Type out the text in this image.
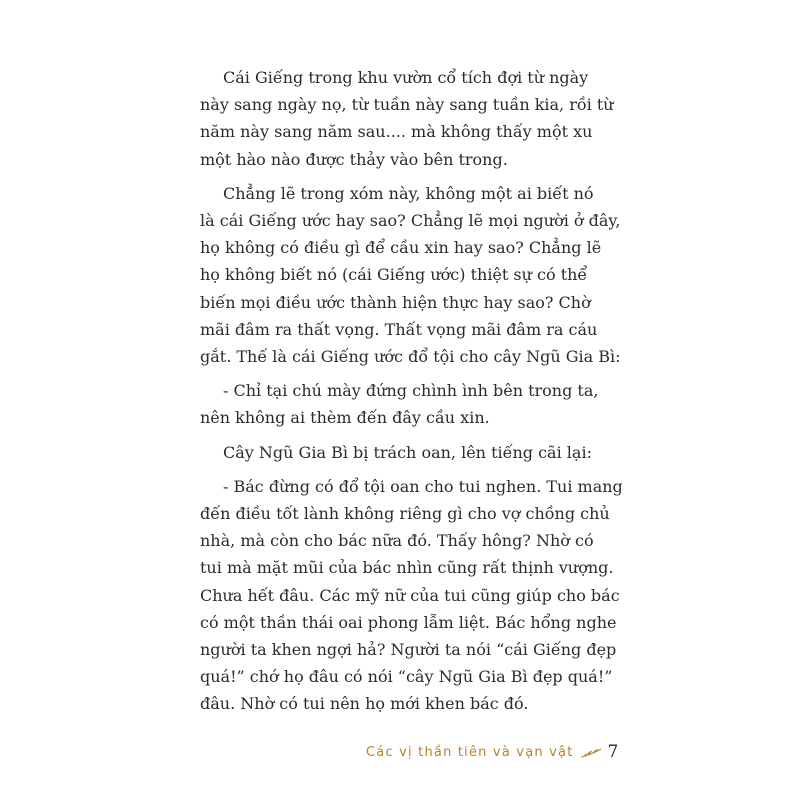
Cái Giếng trong khu vườn cổ tích đợi từ ngày
này sang ngày nọ, từ tuần này sang tuần kia, rồi từ
năm này sang năm sau.... mà không thấy một xu
một hào nào được thảy vào bên trong.
Chẳng lẽ trong xóm này, không một ai biết nó
là cái Giếng ước hay sao? Chẳng lẽ mọi người ở đây,
họ không có điều gì để cầu xin hay sao? Chẳng lẽ
họ không biết nó (cái Giếng ước) thiệt sự có thể
biến mọi điều ước thành hiện thực hay sao? Chờ
mãi đâm ra thất vọng. Thất vọng mãi đâm ra cáu
gắt. Thế là cái Giếng ước đổ tội cho cây Ngũ Gia Bì:
- Chỉ tại chú mày đứng chình ình bên trong ta,
nên không ai thèm đến đây cầu xin.
Cây Ngũ Gia Bì bị trách oan, lên tiếng cãi lại:
- Bác đừng có đổ tội oan cho tui nghen. Tui mang
đến điều tốt lành không riêng gì cho vợ chồng chủ
nhà, mà còn cho bác nữa đó. Thấy hông? Nhờ có
tui mà mặt mũi của bác nhìn cũng rất thịnh vượng.
Chưa hết đâu. Các mỹ nữ của tui cũng giúp cho bác
có một thần thái oai phong lẫm liệt. Bác hổng nghe
người ta khen ngợi hả? Người ta nói “cái Giếng đẹp
quá!” chớ họ đâu có nói “cây Ngũ Gia Bì đẹp quá!”
đâu. Nhờ có tui nên họ mới khen bác đó.
Các vị thần tiên và vạn vật 7
